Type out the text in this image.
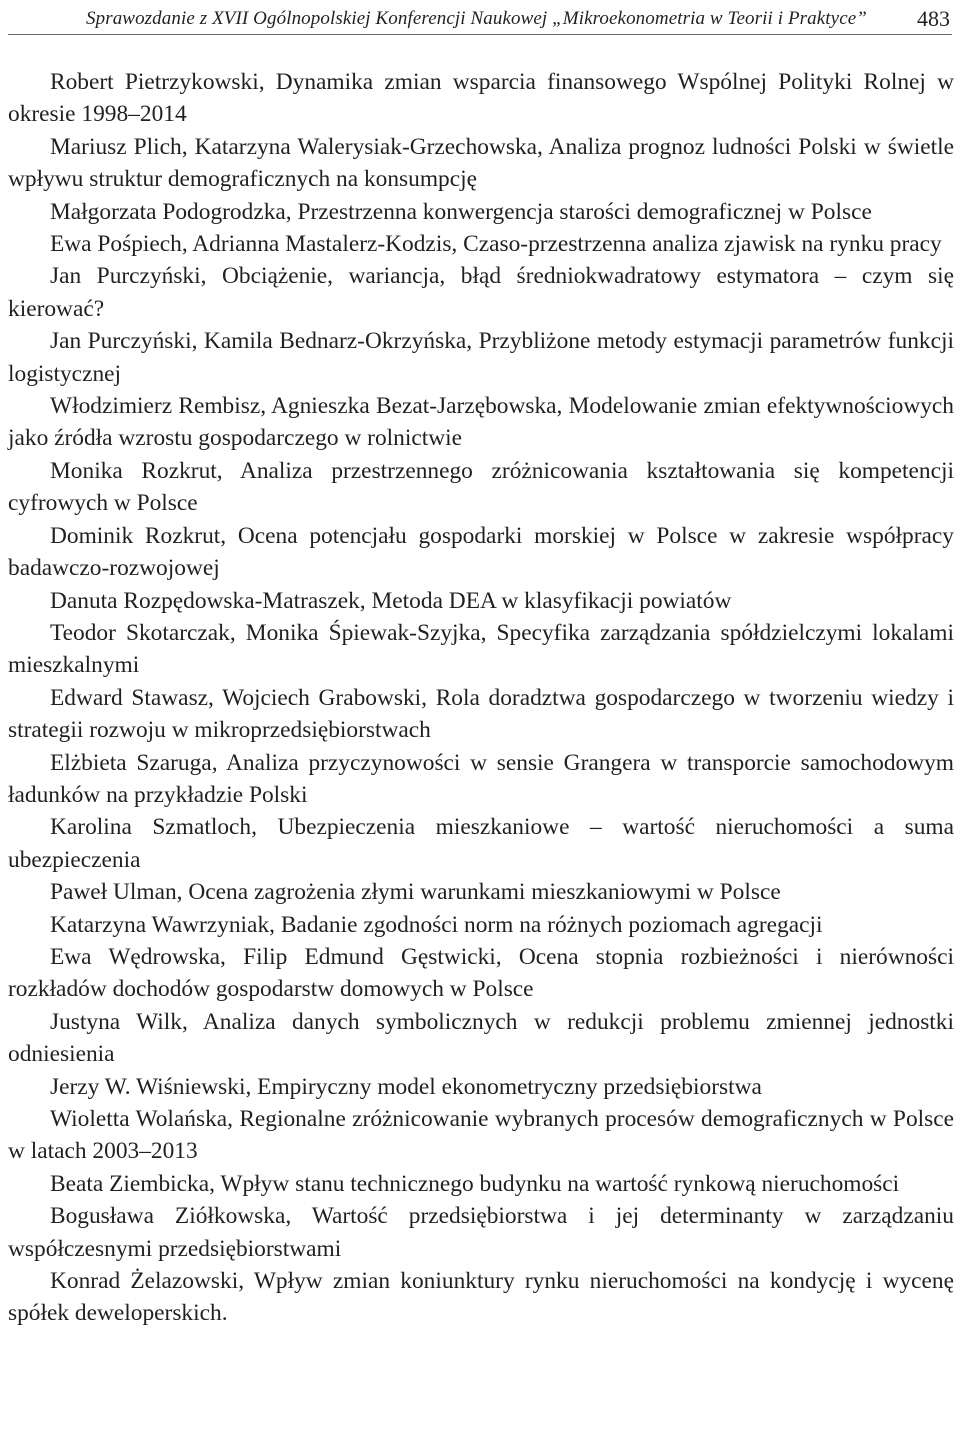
Sprawozdanie z XVII Ogólnopolskiej Konferencji Naukowej „Mikroekonometria w Teorii i Praktyce” 483
Robert Pietrzykowski, Dynamika zmian wsparcia finansowego Wspólnej Polityki Rolnej w okresie 1998–2014
Mariusz Plich, Katarzyna Walerysiak-Grzechowska, Analiza prognoz ludności Polski w świetle wpływu struktur demograficznych na konsumpcję
Małgorzata Podogrodzka, Przestrzenna konwergencja starości demograficznej w Polsce
Ewa Pośpiech, Adrianna Mastalerz-Kodzis, Czaso-przestrzenna analiza zjawisk na rynku pracy
Jan Purczyński, Obciążenie, wariancja, błąd średniokwadratowy estymatora – czym się kierować?
Jan Purczyński, Kamila Bednarz-Okrzyńska, Przybliżone metody estymacji parametrów funkcji logistycznej
Włodzimierz Rembisz, Agnieszka Bezat-Jarzębowska, Modelowanie zmian efektywnościowych jako źródła wzrostu gospodarczego w rolnictwie
Monika Rozkrut, Analiza przestrzennego zróżnicowania kształtowania się kompetencji cyfrowych w Polsce
Dominik Rozkrut, Ocena potencjału gospodarki morskiej w Polsce w zakresie współpracy badawczo-rozwojowej
Danuta Rozpędowska-Matraszek, Metoda DEA w klasyfikacji powiatów
Teodor Skotarczak, Monika Śpiewak-Szyjka, Specyfika zarządzania spółdzielczymi lokalami mieszkalnymi
Edward Stawasz, Wojciech Grabowski, Rola doradztwa gospodarczego w tworzeniu wiedzy i strategii rozwoju w mikroprzedsiębiorstwach
Elżbieta Szaruga, Analiza przyczynowości w sensie Grangera w transporcie samochodowym ładunków na przykładzie Polski
Karolina Szmatloch, Ubezpieczenia mieszkaniowe – wartość nieruchomości a suma ubezpieczenia
Paweł Ulman, Ocena zagrożenia złymi warunkami mieszkaniowymi w Polsce
Katarzyna Wawrzyniak, Badanie zgodności norm na różnych poziomach agregacji
Ewa Wędrowska, Filip Edmund Gęstwicki, Ocena stopnia rozbieżności i nierówności rozkładów dochodów gospodarstw domowych w Polsce
Justyna Wilk, Analiza danych symbolicznych w redukcji problemu zmiennej jednostki odniesienia
Jerzy W. Wiśniewski, Empiryczny model ekonometryczny przedsiębiorstwa
Wioletta Wolańska, Regionalne zróżnicowanie wybranych procesów demograficznych w Polsce w latach 2003–2013
Beata Ziembicka, Wpływ stanu technicznego budynku na wartość rynkową nieruchomości
Bogusława Ziółkowska, Wartość przedsiębiorstwa i jej determinanty w zarządzaniu współczesnymi przedsiębiorstwami
Konrad Żelazowski, Wpływ zmian koniunktury rynku nieruchomości na kondycję i wycenę spółek deweloperskich.
